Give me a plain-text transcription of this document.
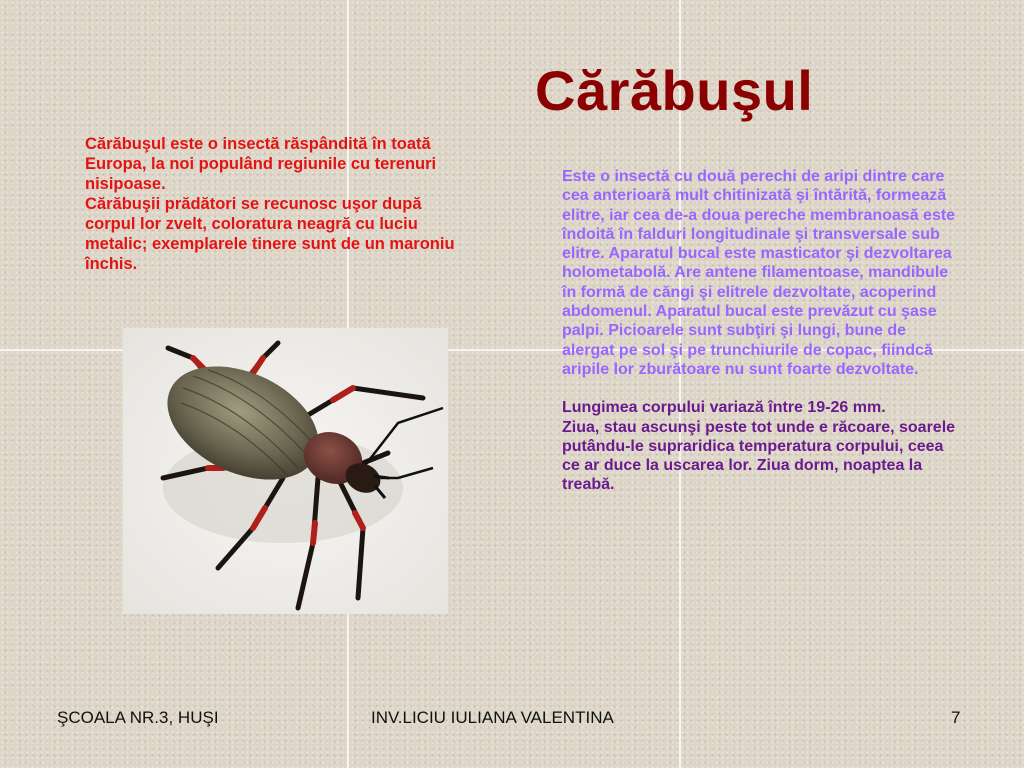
Cărăbuşul

Cărăbuşul este o insectă răspândită în toată Europa, la noi populând regiunile cu terenuri nisipoase.

Cărăbuşii prădători se recunosc uşor după corpul lor zvelt, coloratura neagră cu luciu metalic; exemplarele tinere sunt de un maroniu închis.

Este o insectă cu două perechi de aripi dintre care cea anterioară mult chitinizată şi întărită, formează elitre, iar cea de-a doua pereche membranoasă este îndoită în falduri longitudinale şi transversale sub elitre. Aparatul bucal este masticator şi dezvoltarea holometabolă. Are antene filamentoase, mandibule în formă de căngi şi elitrele dezvoltate, acoperind abdomenul. Aparatul bucal este prevăzut cu şase palpi. Picioarele sunt subţiri şi lungi, bune de alergat pe sol şi pe trunchiurile de copac, fiindcă aripile lor zburătoare nu sunt foarte dezvoltate.

Lungimea corpului variază între 19-26 mm.

Ziua, stau ascunşi peste tot unde e răcoare, soarele putându-le supraridica temperatura corpului, ceea ce ar duce la uscarea lor. Ziua dorm, noaptea la treabă.

ŞCOALA NR.3, HUŞI	INV.LICIU IULIANA VALENTINA	7
